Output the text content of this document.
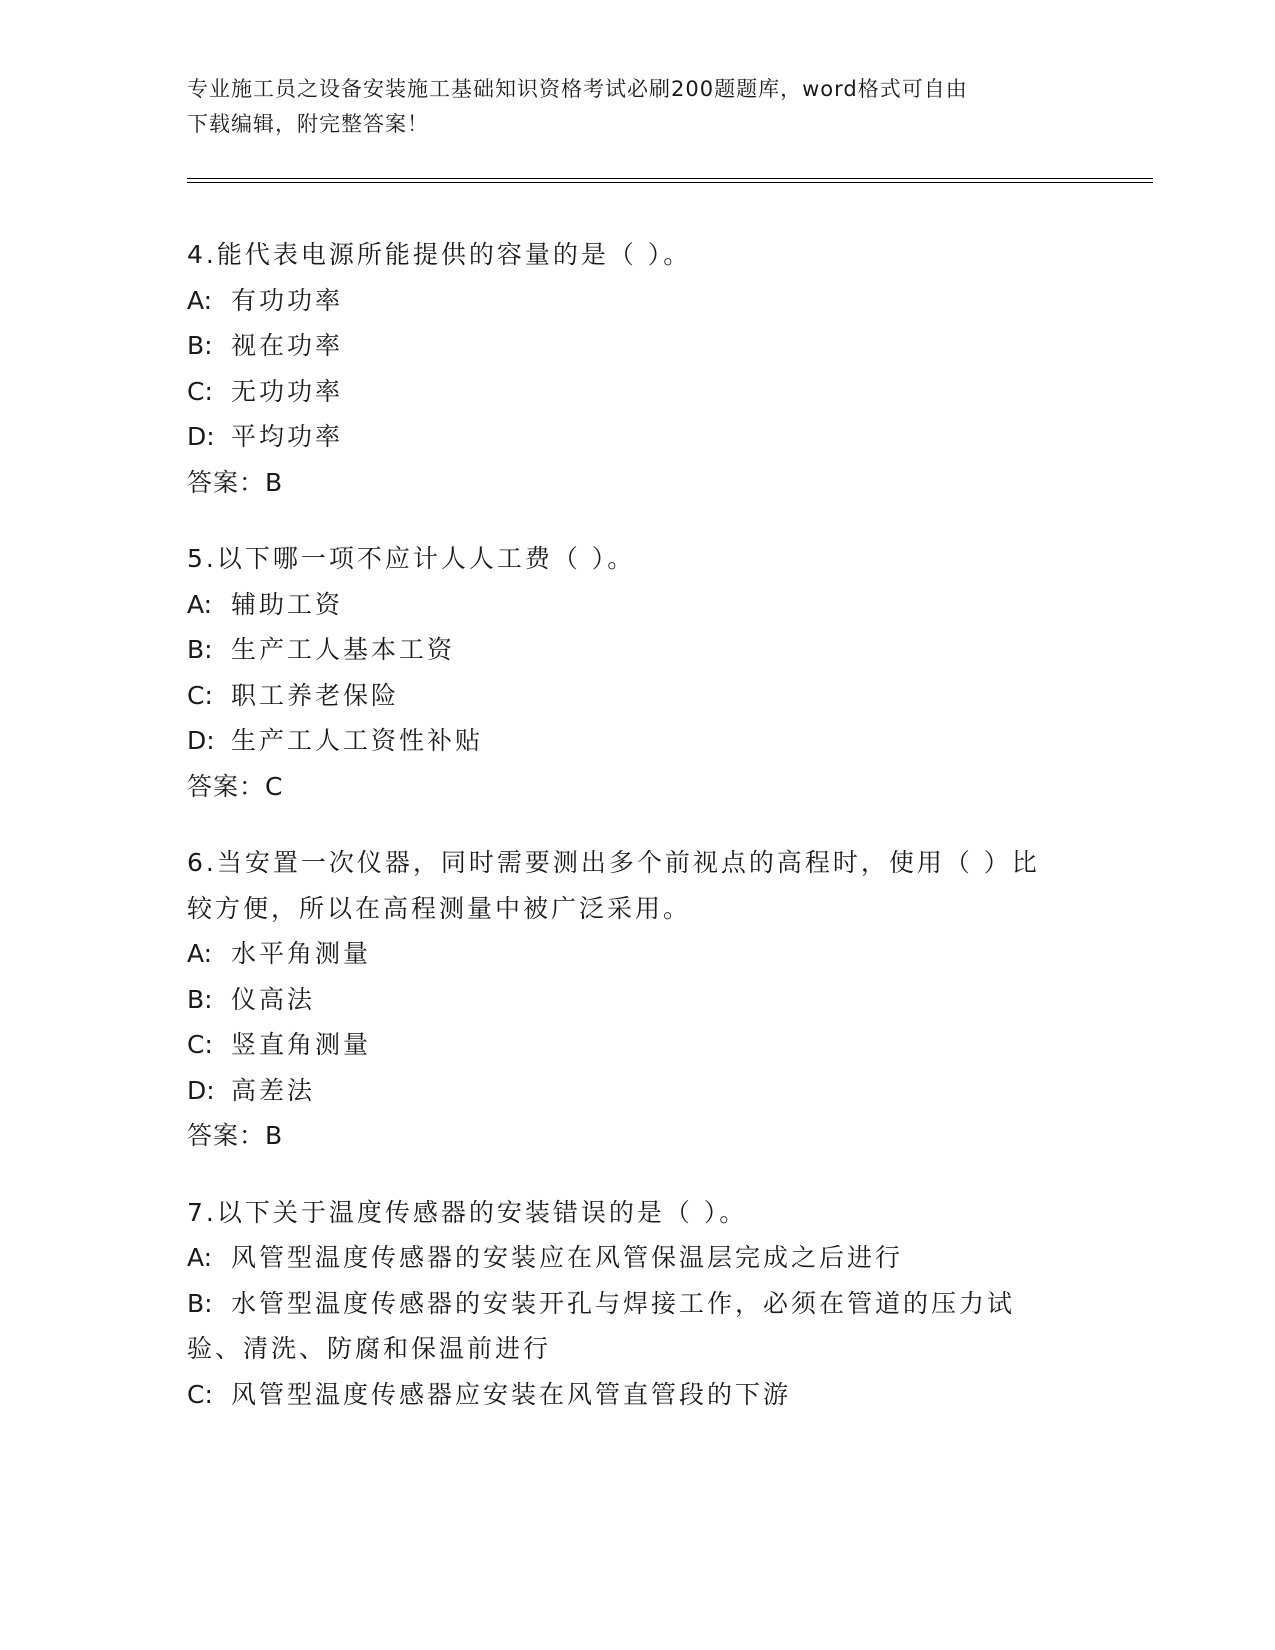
专业施工员之设备安装施工基础知识资格考试必刷200题题库，word格式可自由
下载编辑，附完整答案！
4.能代表电源所能提供的容量的是（ ）。
A: 有功功率
B: 视在功率
C: 无功功率
D: 平均功率
答案：B
5.以下哪一项不应计人人工费（ ）。
A: 辅助工资
B: 生产工人基本工资
C: 职工养老保险
D: 生产工人工资性补贴
答案：C
6.当安置一次仪器，同时需要测出多个前视点的高程时，使用（ ）比较方便，所以在高程测量中被广泛采用。
A: 水平角测量
B: 仪高法
C: 竖直角测量
D: 高差法
答案：B
7.以下关于温度传感器的安装错误的是（ ）。
A: 风管型温度传感器的安装应在风管保温层完成之后进行
B: 水管型温度传感器的安装开孔与焊接工作，必须在管道的压力试验、清洗、防腐和保温前进行
C: 风管型温度传感器应安装在风管直管段的下游
